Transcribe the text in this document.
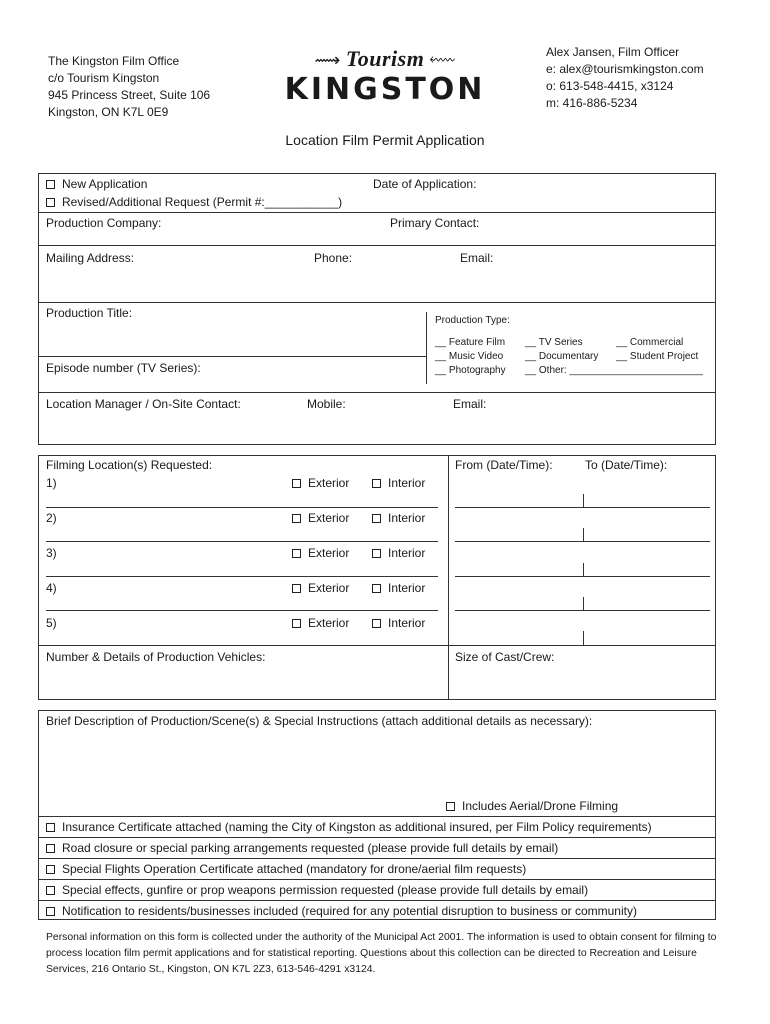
The Kingston Film Office
c/o Tourism Kingston
945 Princess Street, Suite 106
Kingston, ON K7L 0E9
⟿ Tourism ⬳
KINGSTON
Alex Jansen, Film Officer
e: alex@tourismkingston.com
o: 613-548-4415, x3124
m: 416-886-5234
Location Film Permit Application
New Application
Revised/Additional Request (Permit #:___________)
Date of Application:
Production Company:	Primary Contact:
Mailing Address:	Phone:	Email:
Production Title:
Episode number (TV Series):
Production Type:
__ Feature Film __ TV Series	__ Commercial
__ Music Video __ Documentary __ Student Project
__ Photography __ Other: ________________________
Location Manager / On-Site Contact:	Mobile:	Email:
Filming Location(s) Requested:	From (Date/Time):	To (Date/Time):
1)	Exterior	Interior
2)	Exterior	Interior
3)	Exterior	Interior
4)	Exterior	Interior
5)	Exterior	Interior
Number & Details of Production Vehicles:	Size of Cast/Crew:
Brief Description of Production/Scene(s) & Special Instructions (attach additional details as necessary):
Includes Aerial/Drone Filming
Insurance Certificate attached (naming the City of Kingston as additional insured, per Film Policy requirements)
Road closure or special parking arrangements requested (please provide full details by email)
Special Flights Operation Certificate attached (mandatory for drone/aerial film requests)
Special effects, gunfire or prop weapons permission requested (please provide full details by email)
Notification to residents/businesses included (required for any potential disruption to business or community)
Personal information on this form is collected under the authority of the Municipal Act 2001. The information is used to obtain consent for filming to process location film permit applications and for statistical reporting. Questions about this collection can be directed to Recreation and Leisure Services, 216 Ontario St., Kingston, ON K7L 2Z3, 613-546-4291 x3124.
